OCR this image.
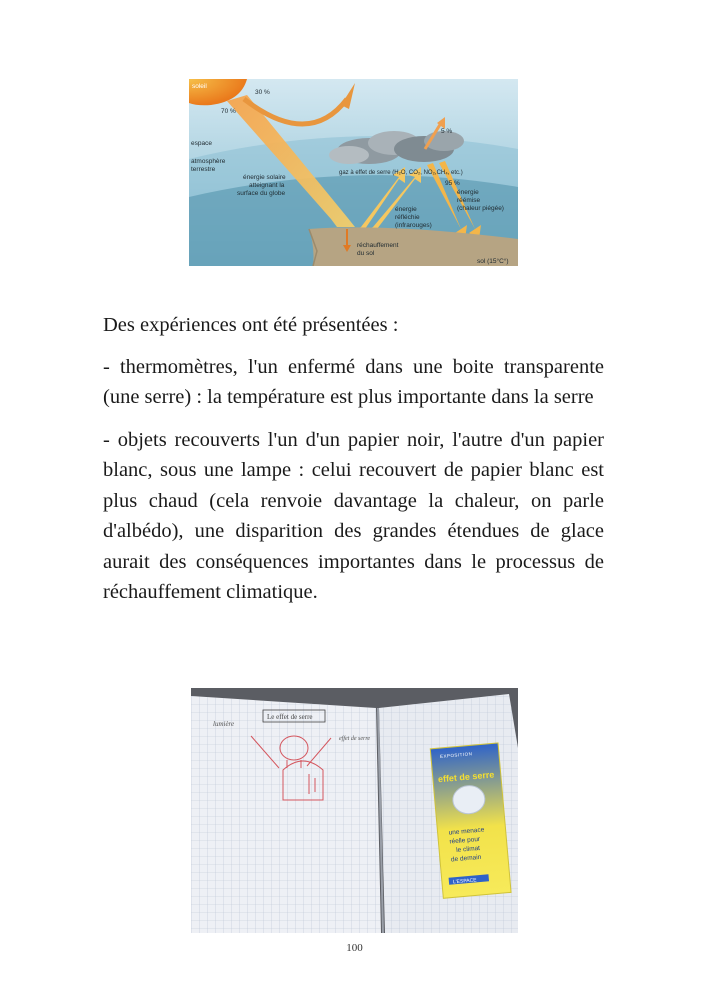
soleil
30 %
70 %
espace
atmosphère
terrestre
énergie solaire
atteignant la
surface du globe
gaz à effet de serre (H₂O, CO₂, NO₂,CH₄, etc.)
5 %
95 %
énergie
réémise
(chaleur piégée)
énergie
réfléchie
(infrarouges)
réchauffement
du sol
sol (15°C°)

Des expériences ont été présentées :

- thermomètres, l'un enfermé dans une boite transparente (une serre) : la température est plus importante dans la serre

- objets recouverts l'un d'un papier noir, l'autre d'un papier blanc, sous une lampe : celui recouvert de papier blanc est plus chaud (cela renvoie davantage la chaleur, on parle d'albédo), une disparition des grandes étendues de glace aurait des conséquences importantes dans le processus de réchauffement climatique.

Le effet de serre
lumière
effet de serre
EXPOSITION
effet de serre
une menace
réelle pour
le climat
de demain
L'ESPACE
100
